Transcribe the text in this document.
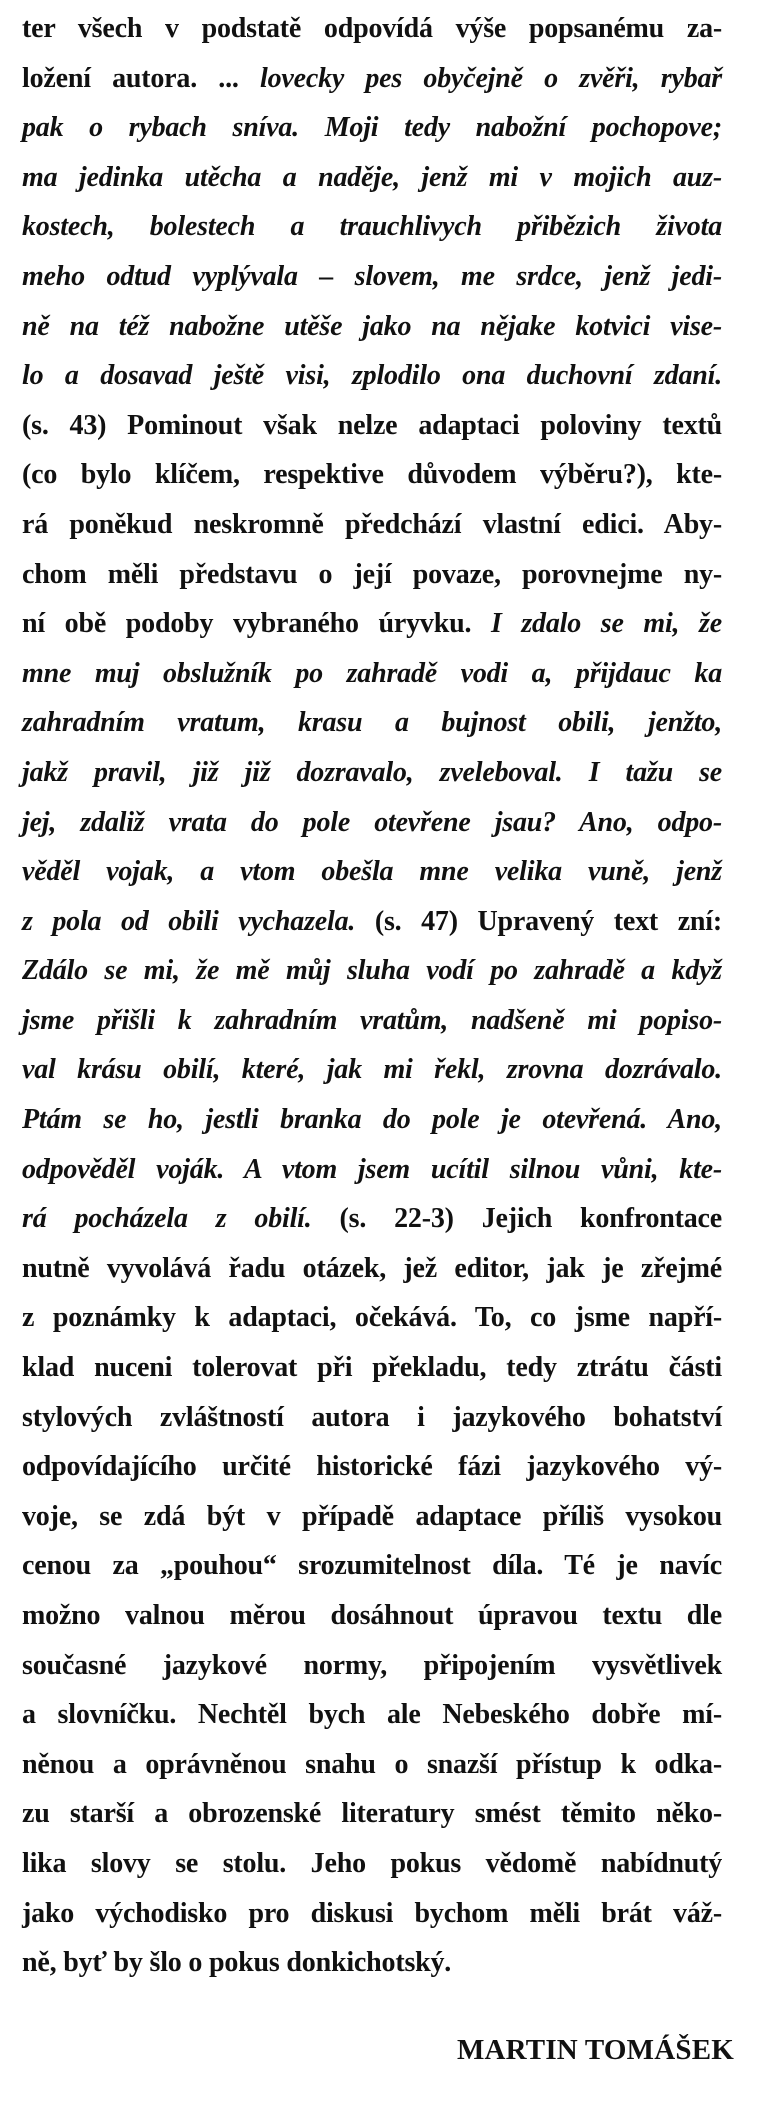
ter všech v podstatě odpovídá výše popsanému za-
ložení autora. ... lovecky pes obyčejně o zvěři, rybař
pak o rybach sníva. Moji tedy nabožní pochopove;
ma jedinka utěcha a naděje, jenž mi v mojich auz-
kostech, bolestech a trauchlivych přibězich života
meho odtud vyplývala – slovem, me srdce, jenž jedi-
ně na též nabožne utěše jako na nějake kotvici vise-
lo a dosavad ještě visi, zplodilo ona duchovní zdaní.
(s. 43) Pominout však nelze adaptaci poloviny textů
(co bylo klíčem, respektive důvodem výběru?), kte-
rá poněkud neskromně předchází vlastní edici. Aby-
chom měli představu o její povaze, porovnejme ny-
ní obě podoby vybraného úryvku. I zdalo se mi, že
mne muj obslužník po zahradě vodi a, přijdauc ka
zahradním vratum, krasu a bujnost obili, jenžto,
jakž pravil, již již dozravalo, zveleboval. I tažu se
jej, zdaliž vrata do pole otevřene jsau? Ano, odpo-
věděl vojak, a vtom obešla mne velika vuně, jenž
z pola od obili vychazela. (s. 47) Upravený text zní:
Zdálo se mi, že mě můj sluha vodí po zahradě a když
jsme přišli k zahradním vratům, nadšeně mi popiso-
val krásu obilí, které, jak mi řekl, zrovna dozrávalo.
Ptám se ho, jestli branka do pole je otevřená. Ano,
odpověděl voják. A vtom jsem ucítil silnou vůni, kte-
rá pocházela z obilí. (s. 22-3) Jejich konfrontace
nutně vyvolává řadu otázek, jež editor, jak je zřejmé
z poznámky k adaptaci, očekává. To, co jsme napří-
klad nuceni tolerovat při překladu, tedy ztrátu části
stylových zvláštností autora i jazykového bohatství
odpovídajícího určité historické fázi jazykového vý-
voje, se zdá být v případě adaptace příliš vysokou
cenou za „pouhou“ srozumitelnost díla. Té je navíc
možno valnou měrou dosáhnout úpravou textu dle
současné jazykové normy, připojením vysvětlivek
a slovníčku. Nechtěl bych ale Nebeského dobře mí-
něnou a oprávněnou snahu o snazší přístup k odka-
zu starší a obrozenské literatury smést těmito něko-
lika slovy se stolu. Jeho pokus vědomě nabídnutý
jako východisko pro diskusi bychom měli brát váž-
ně, byť by šlo o pokus donkichotský.
MARTIN TOMÁŠEK
